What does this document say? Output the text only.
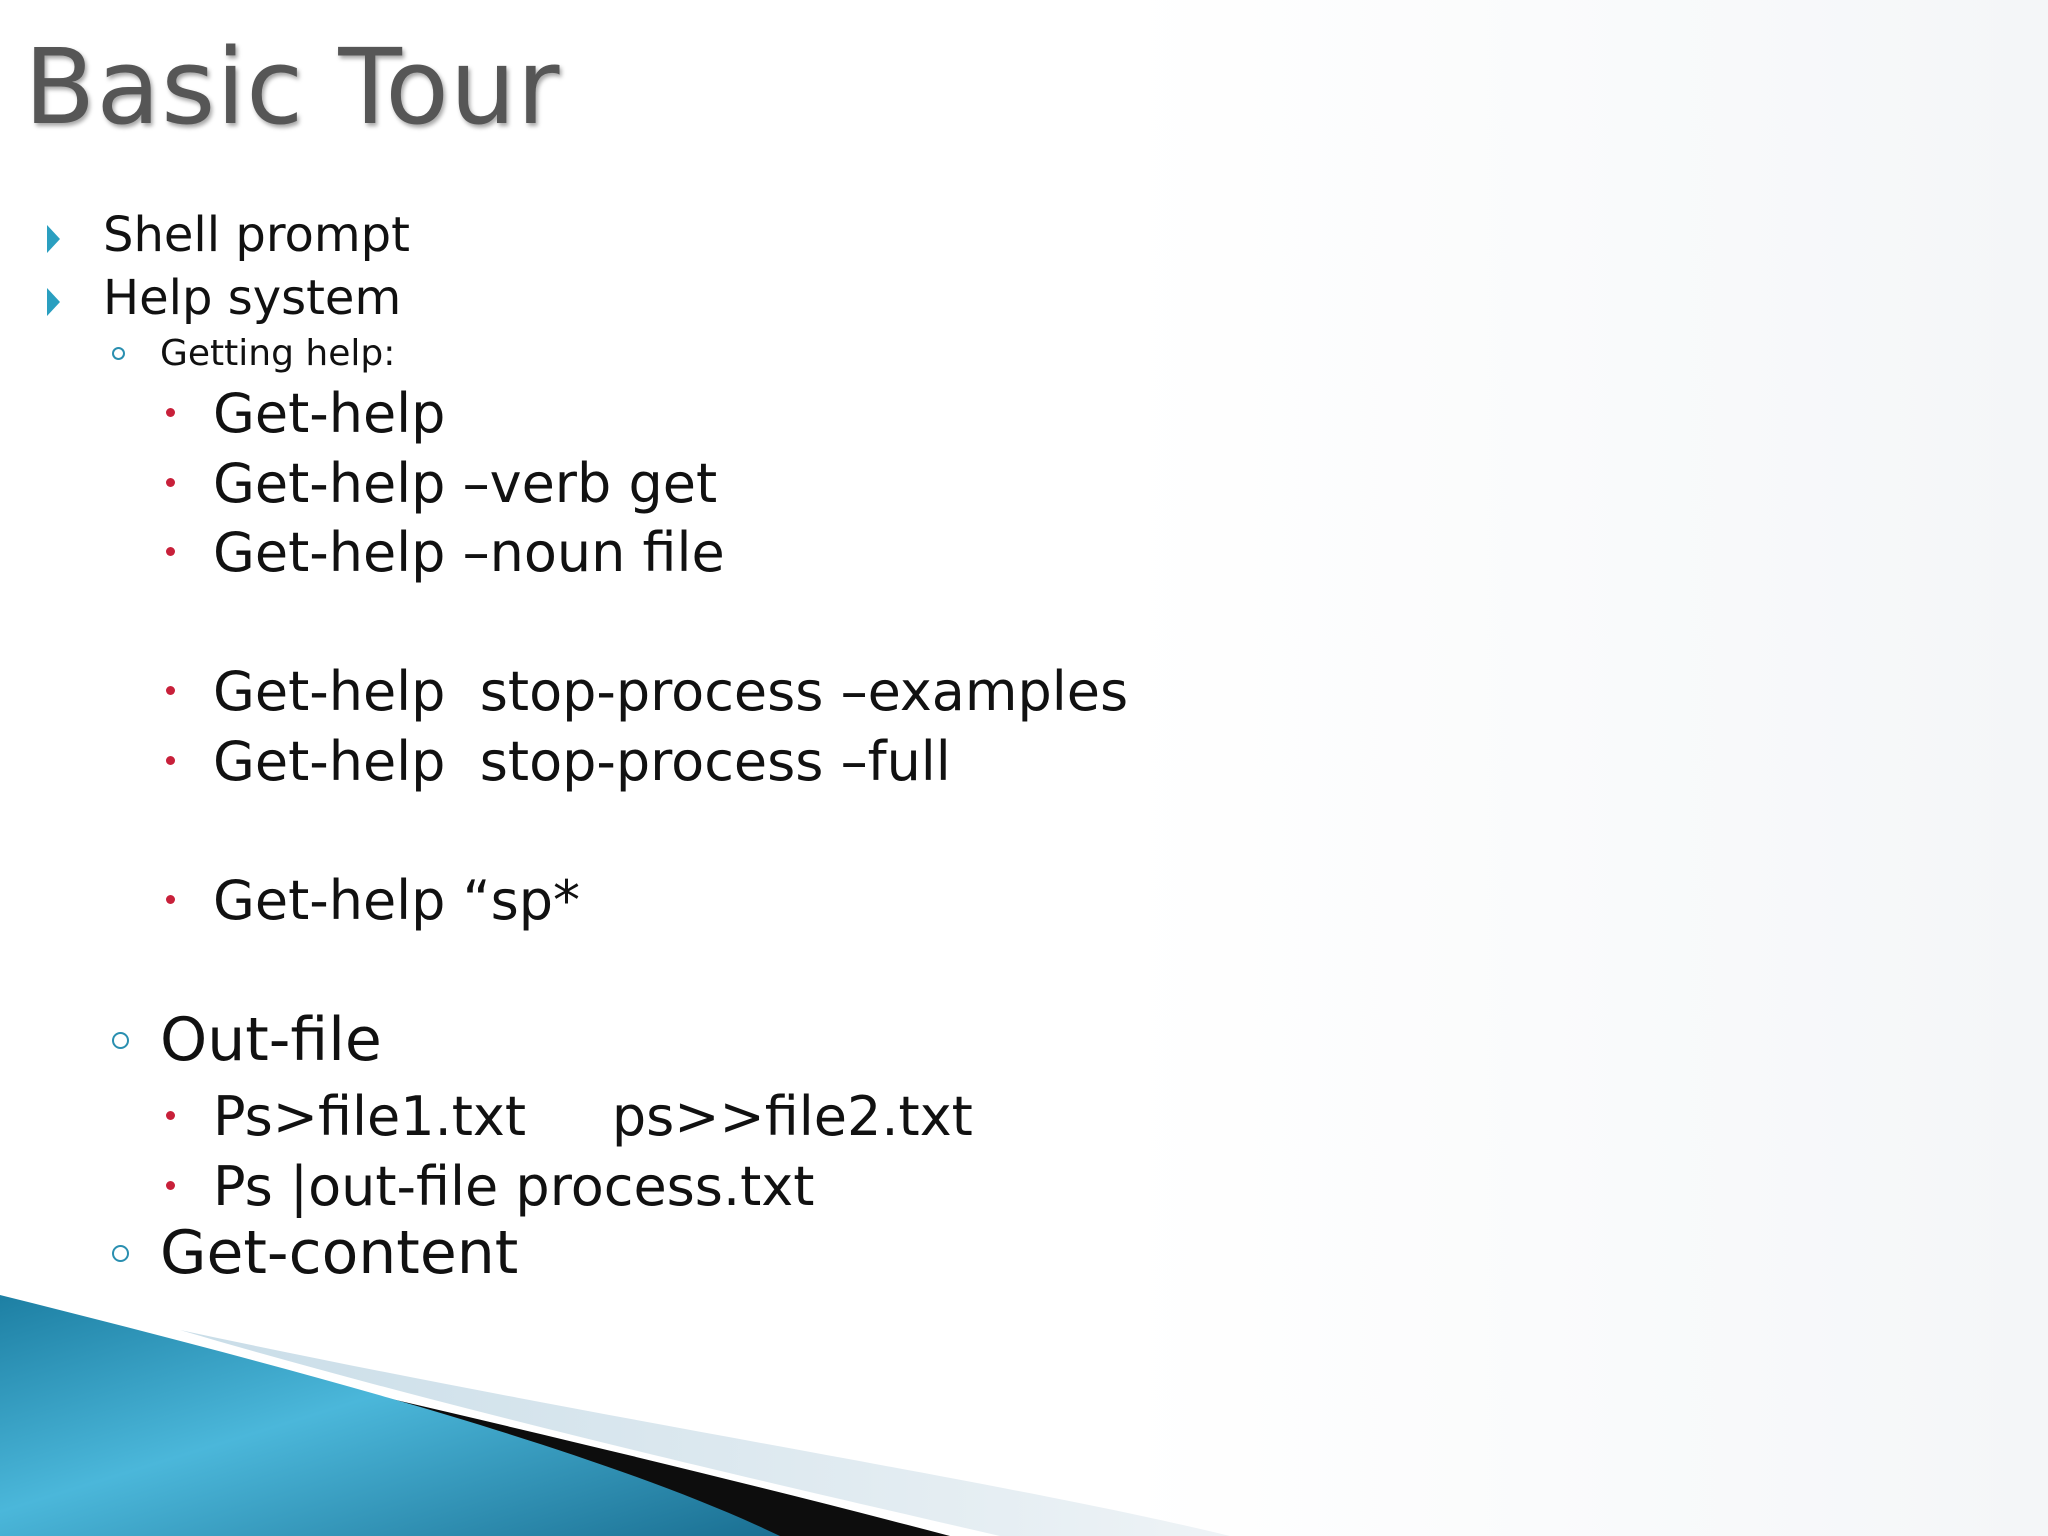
Basic Tour
Shell prompt
Help system
Getting help:
Get-help
Get-help –verb get
Get-help –noun file
Get-help  stop-process –examples
Get-help  stop-process –full
Get-help “sp*
Out-file
Ps>file1.txt     ps>>file2.txt
Ps |out-file process.txt
Get-content
